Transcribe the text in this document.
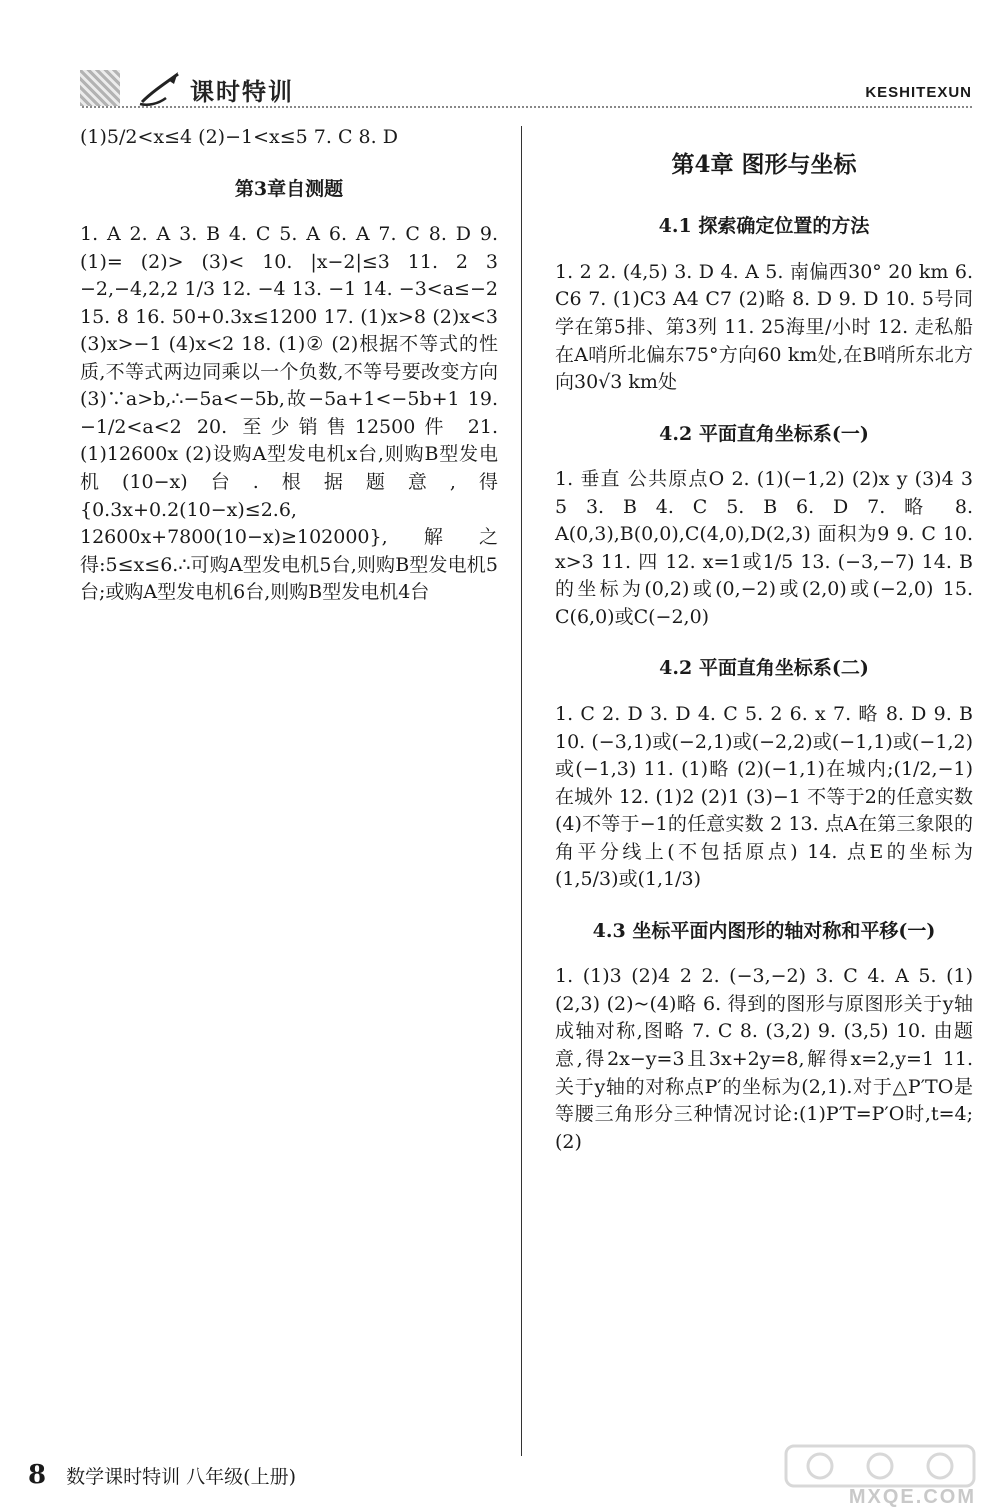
课时特训	KESHITEXUN

(1)5/2<x≤4 (2)−1<x≤5 7. C 8. D

第3章自测题

1. A 2. A 3. B 4. C 5. A 6. A 7. C 8. D 9. (1)= (2)> (3)< 10. |x−2|≤3 11. 2 3 −2,−4,2,2 1/3 12. −4 13. −1 14. −3<a≤−2 15. 8 16. 50+0.3x≤1200 17. (1)x>8 (2)x<3 (3)x>−1 (4)x<2 18. (1)② (2)根据不等式的性质,不等式两边同乘以一个负数,不等号要改变方向 (3)∵a>b,∴−5a<−5b,故−5a+1<−5b+1 19. −1/2<a<2 20. 至少销售12500件 21. (1)12600x (2)设购A型发电机x台,则购B型发电机(10−x)台.根据题意,得{0.3x+0.2(10−x)≤2.6, 12600x+7800(10−x)≥102000},解之得:5≤x≤6.∴可购A型发电机5台,则购B型发电机5台;或购A型发电机6台,则购B型发电机4台

第4章 图形与坐标
4.1 探索确定位置的方法

1. 2 2. (4,5) 3. D 4. A 5. 南偏西30° 20 km 6. C6 7. (1)C3 A4 C7 (2)略 8. D 9. D 10. 5号同学在第5排、第3列 11. 25海里/小时 12. 走私船在A哨所北偏东75°方向60 km处,在B哨所东北方向30√3 km处

4.2 平面直角坐标系(一)

1. 垂直 公共原点O 2. (1)(−1,2) (2)x y (3)4 3 5 3. B 4. C 5. B 6. D 7. 略 8. A(0,3),B(0,0),C(4,0),D(2,3) 面积为9 9. C 10. x>3 11. 四 12. x=1或1/5 13. (−3,−7) 14. B的坐标为(0,2)或(0,−2)或(2,0)或(−2,0) 15. C(6,0)或C(−2,0)

4.2 平面直角坐标系(二)

1. C 2. D 3. D 4. C 5. 2 6. x 7. 略 8. D 9. B 10. (−3,1)或(−2,1)或(−2,2)或(−1,1)或(−1,2)或(−1,3) 11. (1)略 (2)(−1,1)在城内;(1/2,−1)在城外 12. (1)2 (2)1 (3)−1 不等于2的任意实数 (4)不等于−1的任意实数 2 13. 点A在第三象限的角平分线上(不包括原点) 14. 点E的坐标为(1,5/3)或(1,1/3)

4.3 坐标平面内图形的轴对称和平移(一)

1. (1)3 (2)4 2 2. (−3,−2) 3. C 4. A 5. (1)(2,3) (2)~(4)略 6. 得到的图形与原图形关于y轴成轴对称,图略 7. C 8. (3,2) 9. (3,5) 10. 由题意,得2x−y=3且3x+2y=8,解得x=2,y=1 11. 关于y轴的对称点P′的坐标为(2,1).对于△P′TO是等腰三角形分三种情况讨论:(1)P′T=P′O时,t=4;(2)

8 数学课时特训 八年级(上册)
MXQE.COM
